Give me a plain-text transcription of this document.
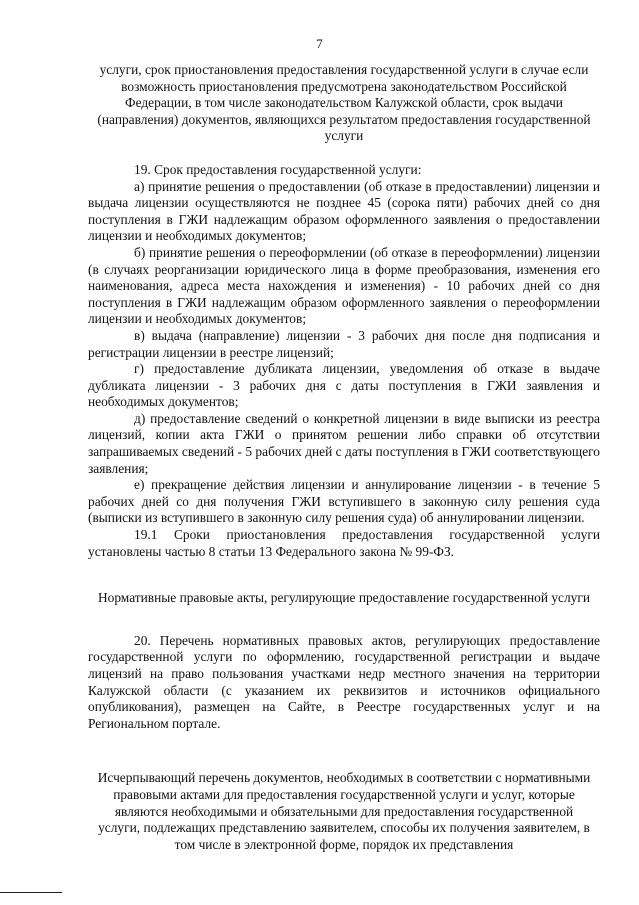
7

услуги, срок приостановления предоставления государственной услуги в случае если возможность приостановления предусмотрена законодательством Российской Федерации, в том числе законодательством Калужской области, срок выдачи (направления) документов, являющихся результатом предоставления государственной услуги

19. Срок предоставления государственной услуги:

а) принятие решения о предоставлении (об отказе в предоставлении) лицензии и выдача лицензии осуществляются не позднее 45 (сорока пяти) рабочих дней со дня поступления в ГЖИ надлежащим образом оформленного заявления о предоставлении лицензии и необходимых документов;

б) принятие решения о переоформлении (об отказе в переоформлении) лицензии (в случаях реорганизации юридического лица в форме преобразования, изменения его наименования, адреса места нахождения и изменения) - 10 рабочих дней со дня поступления в ГЖИ надлежащим образом оформленного заявления о переоформлении лицензии и необходимых документов;

в) выдача (направление) лицензии - 3 рабочих дня после дня подписания и регистрации лицензии в реестре лицензий;

г) предоставление дубликата лицензии, уведомления об отказе в выдаче дубликата лицензии - 3 рабочих дня с даты поступления в ГЖИ заявления и необходимых документов;

д) предоставление сведений о конкретной лицензии в виде выписки из реестра лицензий, копии акта ГЖИ о принятом решении либо справки об отсутствии запрашиваемых сведений - 5 рабочих дней с даты поступления в ГЖИ соответствующего заявления;

е) прекращение действия лицензии и аннулирование лицензии - в течение 5 рабочих дней со дня получения ГЖИ вступившего в законную силу решения суда (выписки из вступившего в законную силу решения суда) об аннулировании лицензии.

19.1 Сроки приостановления предоставления государственной услуги установлены частью 8 статьи 13 Федерального закона № 99-ФЗ.

Нормативные правовые акты, регулирующие предоставление государственной услуги

20. Перечень нормативных правовых актов, регулирующих предоставление государственной услуги по оформлению, государственной регистрации и выдаче лицензий на право пользования участками недр местного значения на территории Калужской области (с указанием их реквизитов и источников официального опубликования), размещен на Сайте, в Реестре государственных услуг и на Региональном портале.

Исчерпывающий перечень документов, необходимых в соответствии с нормативными правовыми актами для предоставления государственной услуги и услуг, которые являются необходимыми и обязательными для предоставления государственной услуги, подлежащих представлению заявителем, способы их получения заявителем, в том числе в электронной форме, порядок их представления
